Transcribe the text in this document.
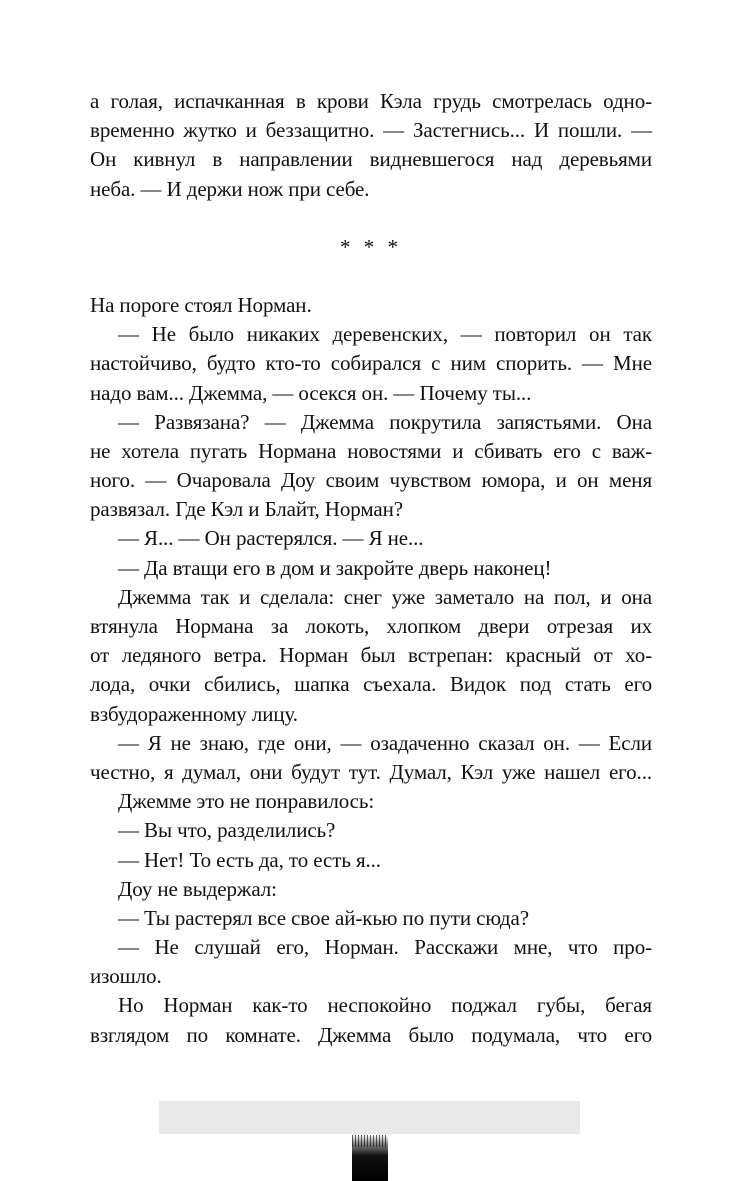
а голая, испачканная в крови Кэла грудь смотрелась одно-
временно жутко и беззащитно. — Застегнись... И пошли. —
Он кивнул в направлении видневшегося над деревьями
неба. — И держи нож при себе.
* * *
На пороге стоял Норман.
— Не было никаких деревенских, — повторил он так
настойчиво, будто кто-то собирался с ним спорить. — Мне
надо вам... Джемма, — осекся он. — Почему ты...
— Развязана? — Джемма покрутила запястьями. Она
не хотела пугать Нормана новостями и сбивать его с важ-
ного. — Очаровала Доу своим чувством юмора, и он меня
развязал. Где Кэл и Блайт, Норман?
— Я... — Он растерялся. — Я не...
— Да втащи его в дом и закройте дверь наконец!
Джемма так и сделала: снег уже заметало на пол, и она
втянула Нормана за локоть, хлопком двери отрезая их
от ледяного ветра. Норман был встрепан: красный от хо-
лода, очки сбились, шапка съехала. Видок под стать его
взбудораженному лицу.
— Я не знаю, где они, — озадаченно сказал он. — Если
честно, я думал, они будут тут. Думал, Кэл уже нашел его...
Джемме это не понравилось:
— Вы что, разделились?
— Нет! То есть да, то есть я...
Доу не выдержал:
— Ты растерял все свое ай-кью по пути сюда?
— Не слушай его, Норман. Расскажи мне, что про-
изошло.
Но Норман как-то неспокойно поджал губы, бегая
взглядом по комнате. Джемма было подумала, что его
